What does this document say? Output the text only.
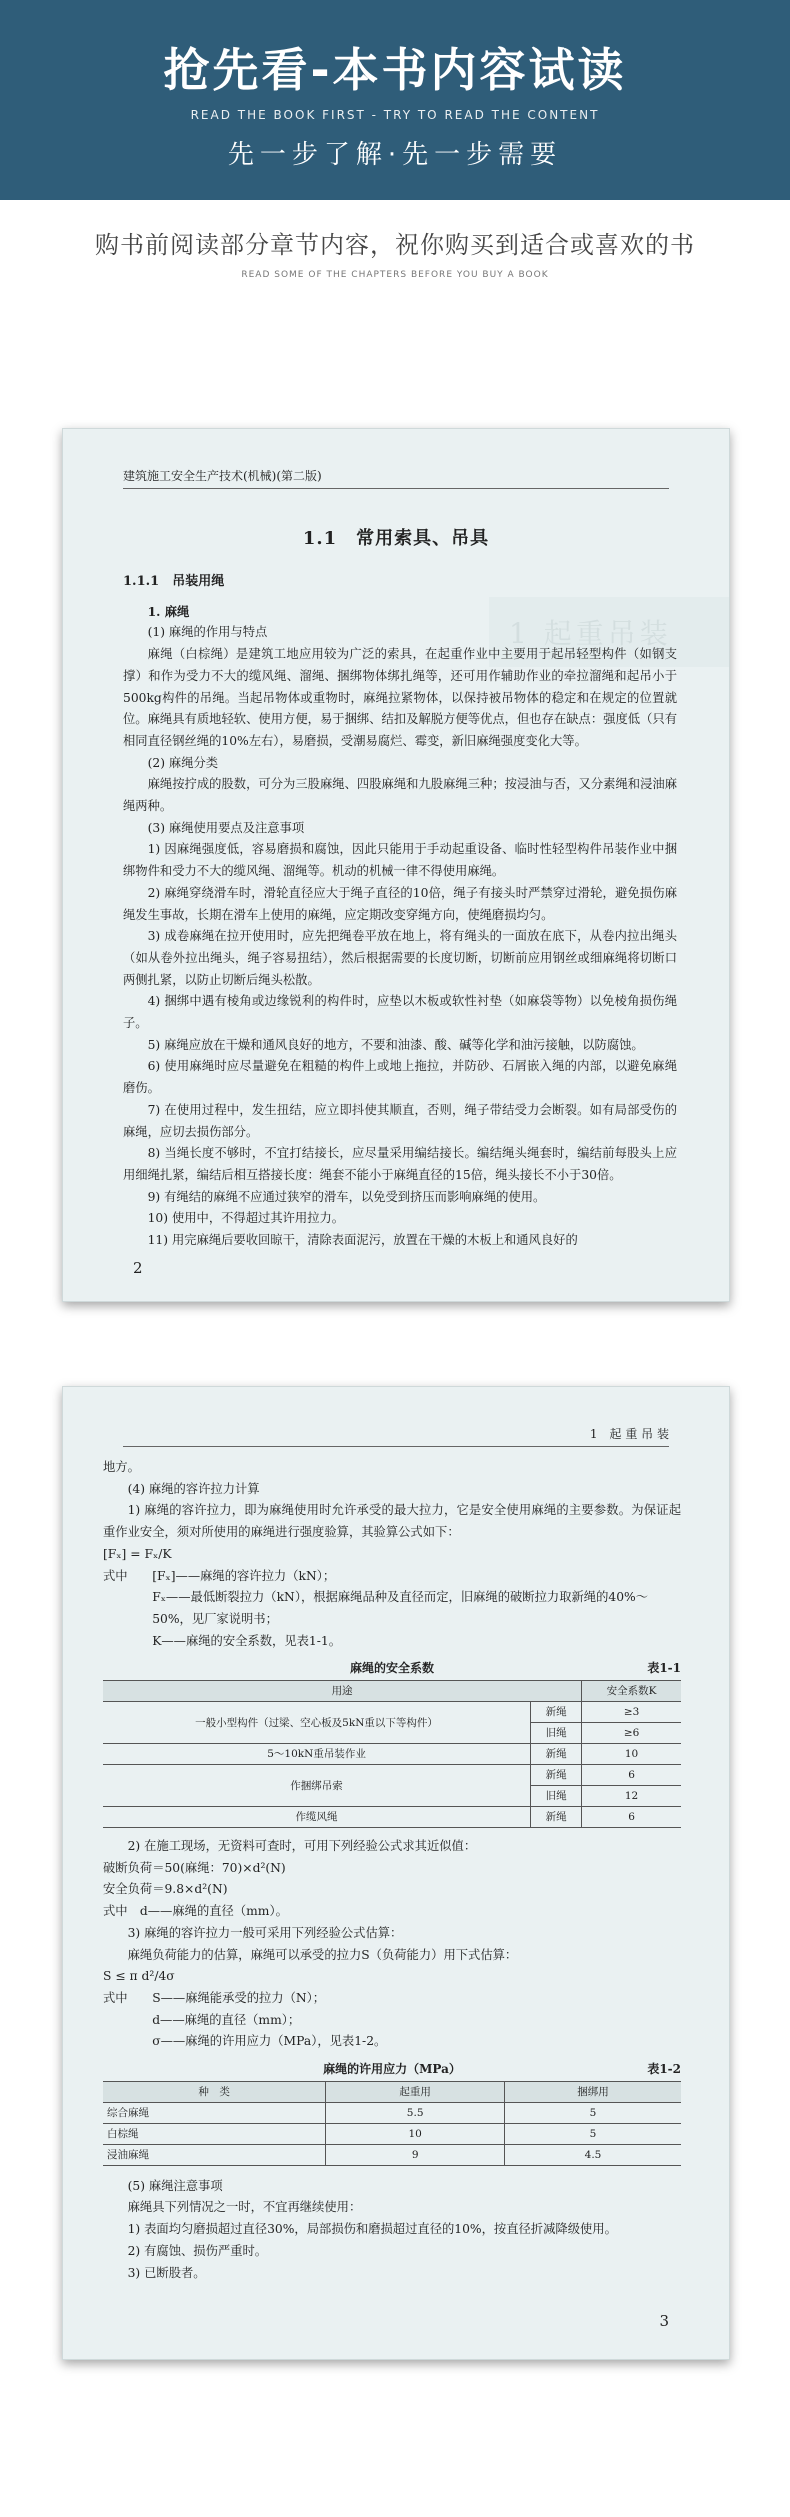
抢先看-本书内容试读
READ THE BOOK FIRST - TRY TO READ THE CONTENT
先一步了解·先一步需要
购书前阅读部分章节内容，祝你购买到适合或喜欢的书
READ SOME OF THE CHAPTERS BEFORE YOU BUY A BOOK
建筑施工安全生产技术(机械)(第二版)
1.1　常用索具、吊具
1 起重吊装

1.1.1　吊装用绳

1. 麻绳

(1) 麻绳的作用与特点

麻绳（白棕绳）是建筑工地应用较为广泛的索具，在起重作业中主要用于起吊轻型构件（如钢支撑）和作为受力不大的缆风绳、溜绳、捆绑物体绑扎绳等，还可用作辅助作业的牵拉溜绳和起吊小于500kg构件的吊绳。当起吊物体或重物时，麻绳拉紧物体，以保持被吊物体的稳定和在规定的位置就位。麻绳具有质地轻软、使用方便，易于捆绑、结扣及解脱方便等优点，但也存在缺点：强度低（只有相同直径钢丝绳的10%左右），易磨损，受潮易腐烂、霉变，新旧麻绳强度变化大等。

(2) 麻绳分类

麻绳按拧成的股数，可分为三股麻绳、四股麻绳和九股麻绳三种；按浸油与否，又分素绳和浸油麻绳两种。

(3) 麻绳使用要点及注意事项

1) 因麻绳强度低，容易磨损和腐蚀，因此只能用于手动起重设备、临时性轻型构件吊装作业中捆绑物件和受力不大的缆风绳、溜绳等。机动的机械一律不得使用麻绳。

2) 麻绳穿绕滑车时，滑轮直径应大于绳子直径的10倍，绳子有接头时严禁穿过滑轮，避免损伤麻绳发生事故，长期在滑车上使用的麻绳，应定期改变穿绳方向，使绳磨损均匀。

3) 成卷麻绳在拉开使用时，应先把绳卷平放在地上，将有绳头的一面放在底下，从卷内拉出绳头（如从卷外拉出绳头，绳子容易扭结），然后根据需要的长度切断，切断前应用钢丝或细麻绳将切断口两侧扎紧，以防止切断后绳头松散。

4) 捆绑中遇有棱角或边缘锐利的构件时，应垫以木板或软性衬垫（如麻袋等物）以免棱角损伤绳子。

5) 麻绳应放在干燥和通风良好的地方，不要和油漆、酸、碱等化学和油污接触，以防腐蚀。

6) 使用麻绳时应尽量避免在粗糙的构件上或地上拖拉，并防砂、石屑嵌入绳的内部，以避免麻绳磨伤。

7) 在使用过程中，发生扭结，应立即抖使其顺直，否则，绳子带结受力会断裂。如有局部受伤的麻绳，应切去损伤部分。

8) 当绳长度不够时，不宜打结接长，应尽量采用编结接长。编结绳头绳套时，编结前每股头上应用细绳扎紧，编结后相互搭接长度：绳套不能小于麻绳直径的15倍，绳头接长不小于30倍。

9) 有绳结的麻绳不应通过狭窄的滑车，以免受到挤压而影响麻绳的使用。

10) 使用中，不得超过其许用拉力。

11) 用完麻绳后要收回晾干，清除表面泥污，放置在干燥的木板上和通风良好的

2
1　起 重 吊 装

地方。

(4) 麻绳的容许拉力计算

1) 麻绳的容许拉力，即为麻绳使用时允许承受的最大拉力，它是安全使用麻绳的主要参数。为保证起重作业安全，须对所使用的麻绳进行强度验算，其验算公式如下：

[Fₓ] = Fₓ/K

式中	[Fₓ]——麻绳的容许拉力（kN）；
Fₓ——最低断裂拉力（kN），根据麻绳品种及直径而定，旧麻绳的破断拉力取新绳的40%～50%，见厂家说明书；
K——麻绳的安全系数，见表1-1。
麻绳的安全系数	表1-1
用途		安全系数K
一般小型构件（过梁、空心板及5kN重以下等构件）	新绳	≥3
	旧绳	≥6
5～10kN重吊装作业	新绳	10
作捆绑吊索	新绳	6
	旧绳	12
作缆风绳	新绳	6

2) 在施工现场，无资料可查时，可用下列经验公式求其近似值：

破断负荷＝50(麻绳：70)×d²(N)

安全负荷＝9.8×d²(N)

式中　d——麻绳的直径（mm）。

3) 麻绳的容许拉力一般可采用下列经验公式估算：

麻绳负荷能力的估算，麻绳可以承受的拉力S（负荷能力）用下式估算：

S ≤ π d²/4σ

式中	S——麻绳能承受的拉力（N）；
d——麻绳的直径（mm）；
σ——麻绳的许用应力（MPa），见表1-2。
麻绳的许用应力（MPa）	表1-2
种　类	起重用	捆绑用
综合麻绳	5.5	5
白棕绳	10	5
浸油麻绳	9	4.5

(5) 麻绳注意事项

麻绳具下列情况之一时，不宜再继续使用：

1) 表面均匀磨损超过直径30%，局部损伤和磨损超过直径的10%，按直径折减降级使用。

2) 有腐蚀、损伤严重时。

3) 已断股者。

3
